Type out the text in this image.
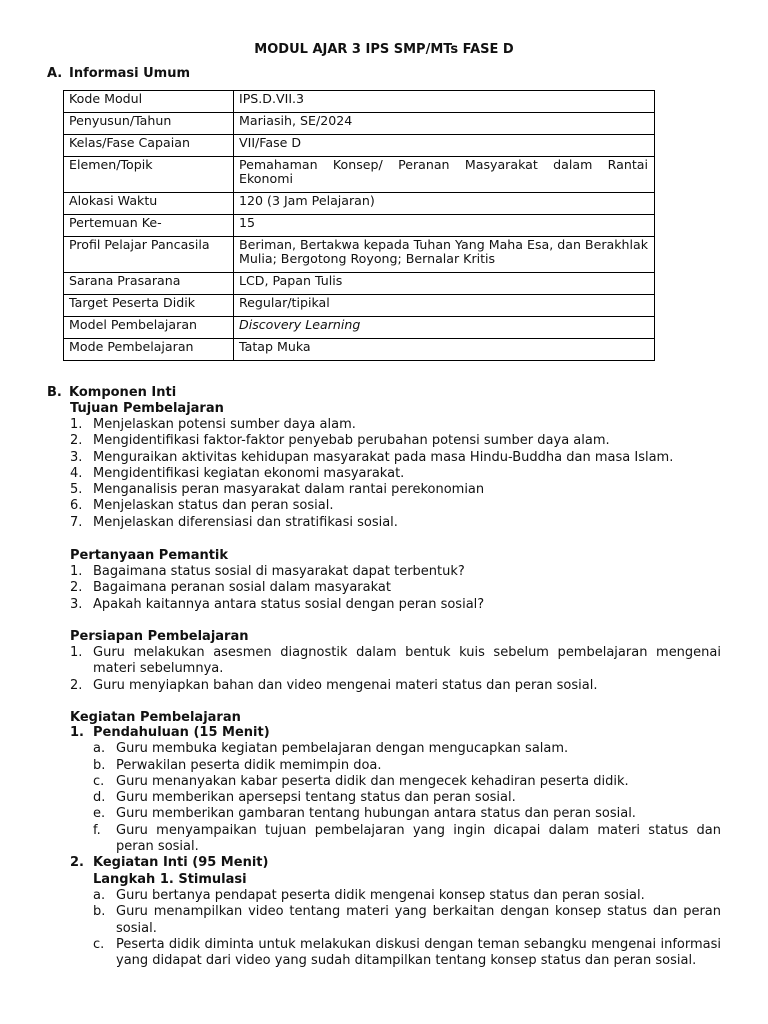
MODUL AJAR 3 IPS SMP/MTs FASE D
A. Informasi Umum
Kode Modul	IPS.D.VII.3
Penyusun/Tahun	Mariasih, SE/2024
Kelas/Fase Capaian	VII/Fase D
Elemen/Topik	Pemahaman Konsep/ Peranan Masyarakat dalam Rantai Ekonomi
Alokasi Waktu	120 (3 Jam Pelajaran)
Pertemuan Ke-	15
Profil Pelajar Pancasila	Beriman, Bertakwa kepada Tuhan Yang Maha Esa, dan Berakhlak Mulia; Bergotong Royong; Bernalar Kritis
Sarana Prasarana	LCD, Papan Tulis
Target Peserta Didik	Regular/tipikal
Model Pembelajaran	Discovery Learning
Mode Pembelajaran	Tatap Muka
B. Komponen Inti
Tujuan Pembelajaran
1. Menjelaskan potensi sumber daya alam.
2. Mengidentifikasi faktor-faktor penyebab perubahan potensi sumber daya alam.
3. Menguraikan aktivitas kehidupan masyarakat pada masa Hindu-Buddha dan masa Islam.
4. Mengidentifikasi kegiatan ekonomi masyarakat.
5. Menganalisis peran masyarakat dalam rantai perekonomian
6. Menjelaskan status dan peran sosial.
7. Menjelaskan diferensiasi dan stratifikasi sosial.
Pertanyaan Pemantik
1. Bagaimana status sosial di masyarakat dapat terbentuk?
2. Bagaimana peranan sosial dalam masyarakat
3. Apakah kaitannya antara status sosial dengan peran sosial?
Persiapan Pembelajaran
1. Guru melakukan asesmen diagnostik dalam bentuk kuis sebelum pembelajaran mengenai materi sebelumnya.
2. Guru menyiapkan bahan dan video mengenai materi status dan peran sosial.
Kegiatan Pembelajaran
1. Pendahuluan (15 Menit)
a. Guru membuka kegiatan pembelajaran dengan mengucapkan salam.
b. Perwakilan peserta didik memimpin doa.
c. Guru menanyakan kabar peserta didik dan mengecek kehadiran peserta didik.
d. Guru memberikan apersepsi tentang status dan peran sosial.
e. Guru memberikan gambaran tentang hubungan antara status dan peran sosial.
f.	Guru menyampaikan tujuan pembelajaran yang ingin dicapai dalam materi status dan peran sosial.
2. Kegiatan Inti (95 Menit)
Langkah 1. Stimulasi
a. Guru bertanya pendapat peserta didik mengenai konsep status dan peran sosial.
b. Guru menampilkan video tentang materi yang berkaitan dengan konsep status dan peran sosial.
c. Peserta didik diminta untuk melakukan diskusi dengan teman sebangku mengenai informasi yang didapat dari video yang sudah ditampilkan tentang konsep status dan peran sosial.
